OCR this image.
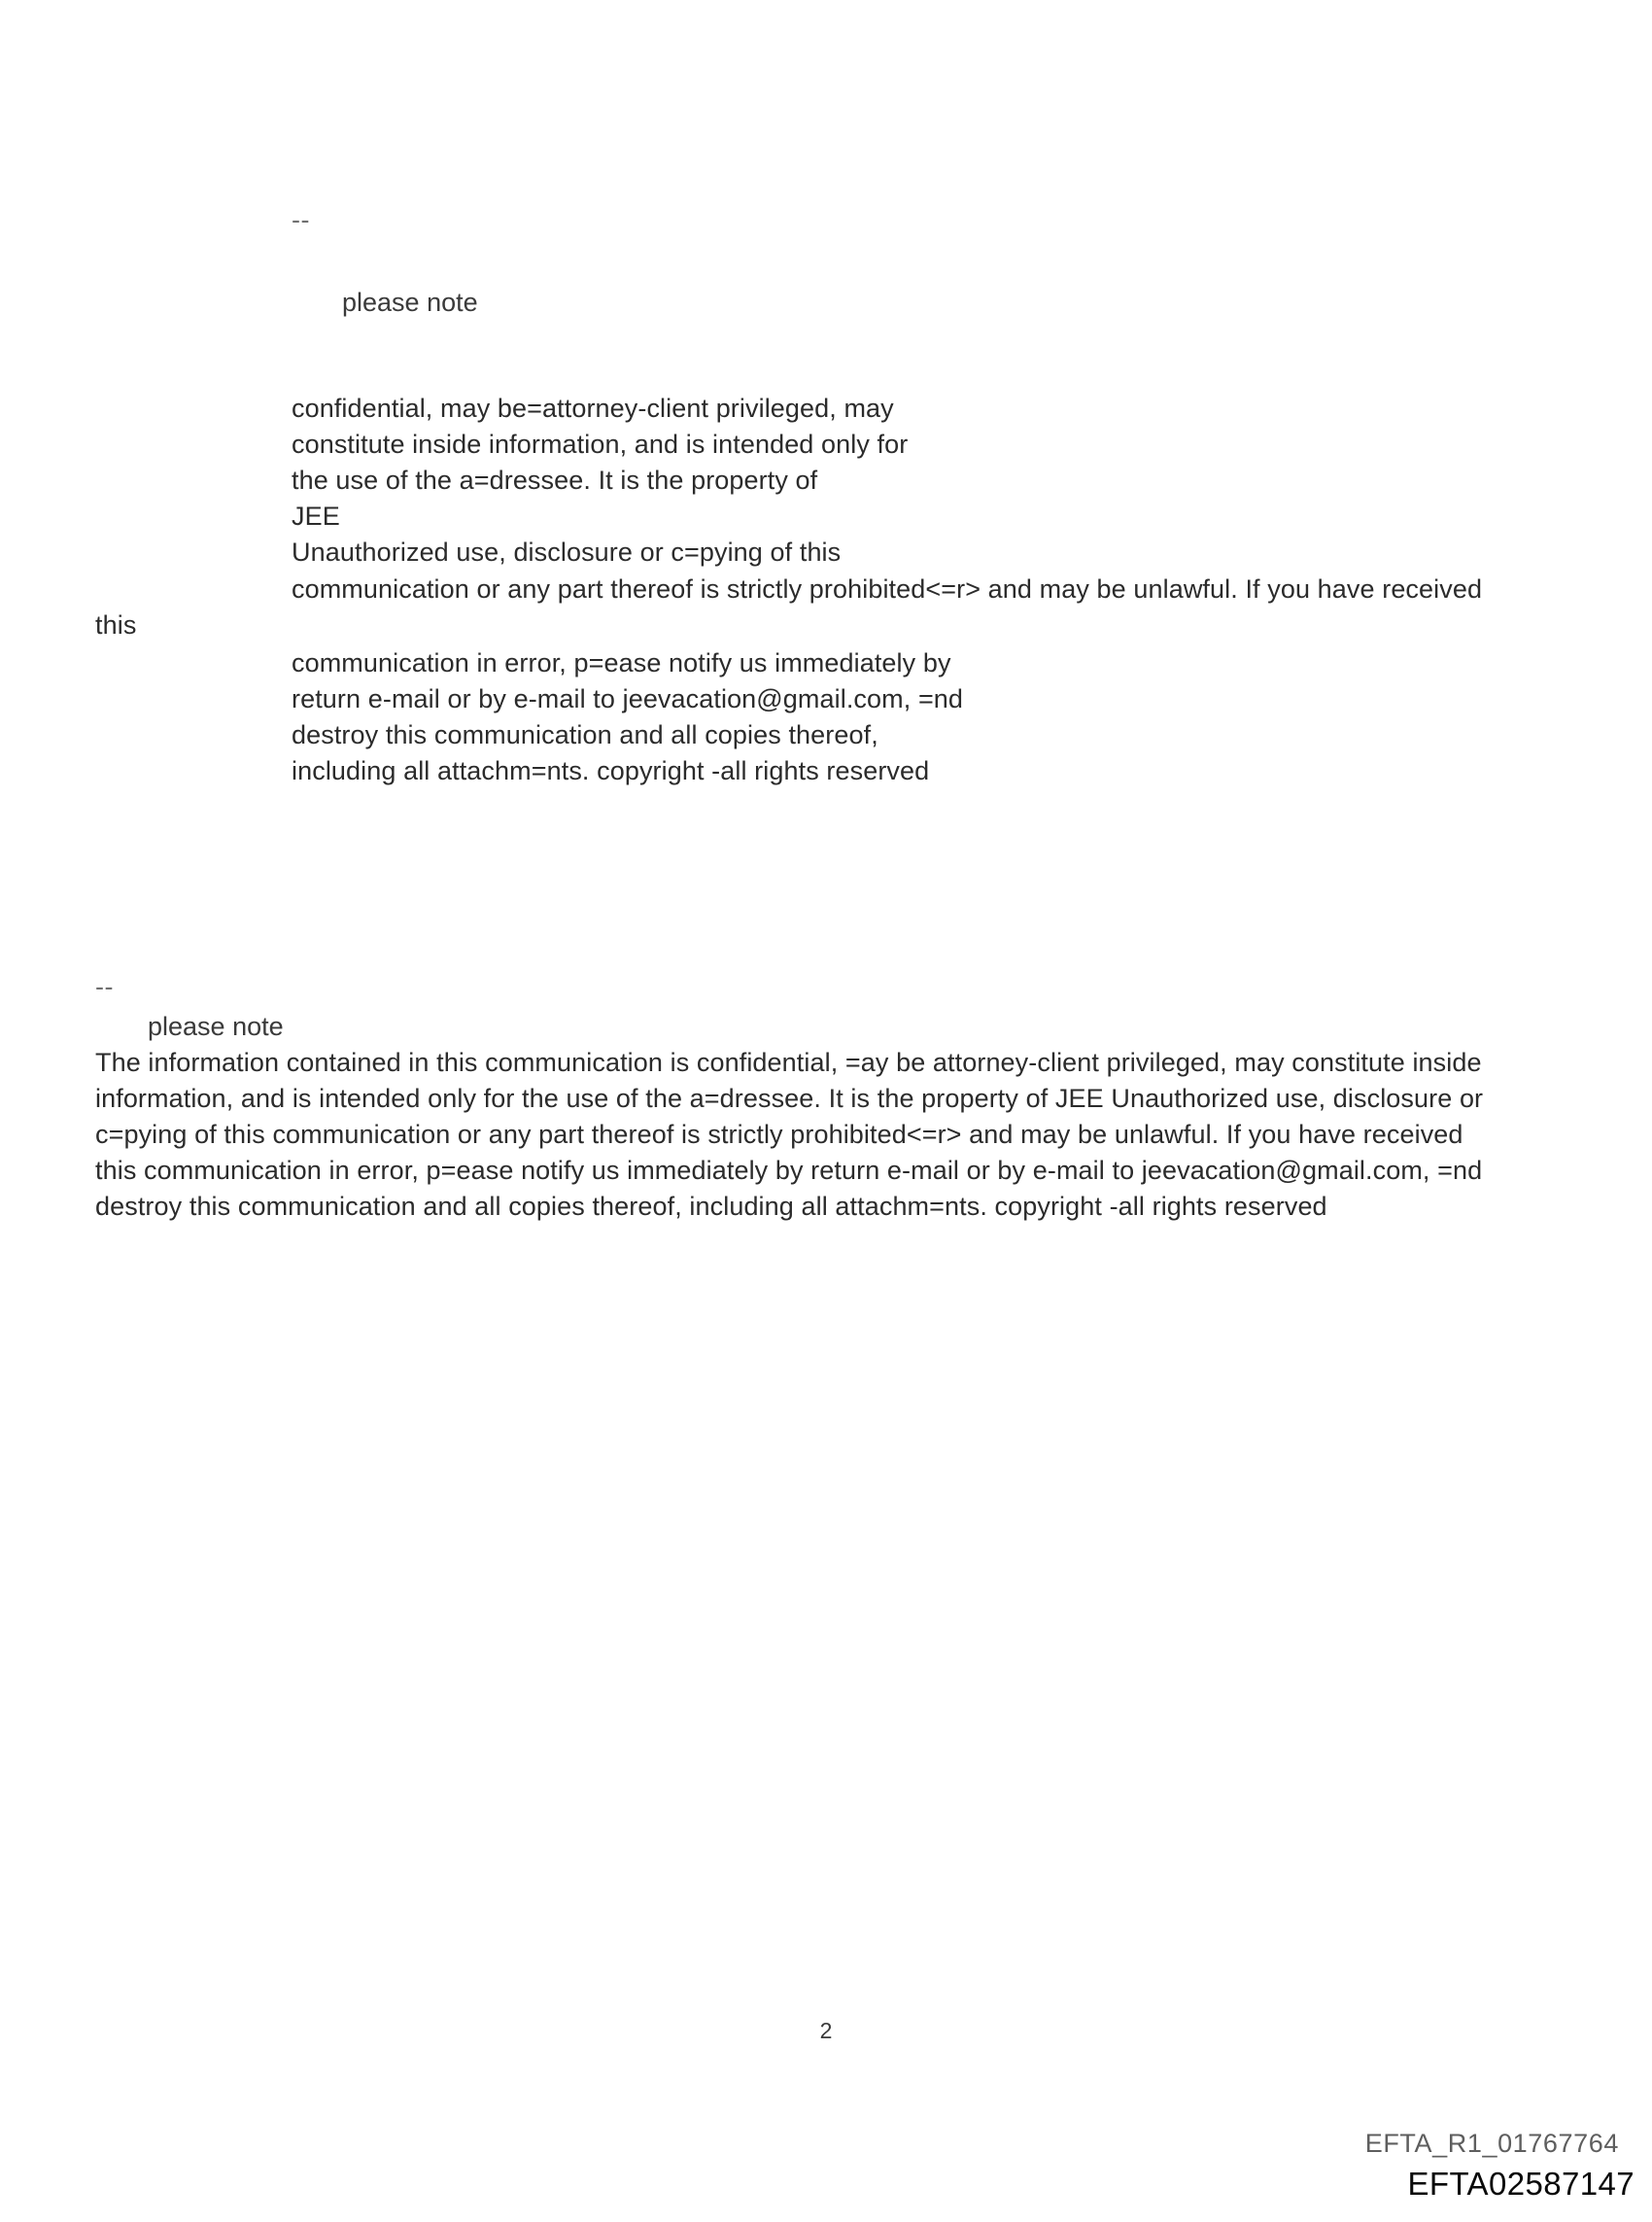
--
please note
confidential, may be=attorney-client privileged, may
constitute inside information, and is intended only for
the use of the a=dressee. It is the property of
JEE
Unauthorized use, disclosure or c=pying of this
communication or any part thereof is strictly prohibited<=r> and may be unlawful. If you have received
this
communication in error, p=ease notify us immediately by
return e-mail or by e-mail to jeevacation@gmail.com, =nd
destroy this communication and all copies thereof,
including all attachm=nts. copyright -all rights reserved
--
please note
The information contained in this communication is confidential, =ay be attorney-client privileged, may constitute inside
information, and is intended only for the use of the a=dressee. It is the property of JEE Unauthorized use, disclosure or
c=pying of this communication or any part thereof is strictly prohibited<=r> and may be unlawful. If you have received
this communication in error, p=ease notify us immediately by return e-mail or by e-mail to jeevacation@gmail.com, =nd
destroy this communication and all copies thereof, including all attachm=nts. copyright -all rights reserved
2
EFTA_R1_01767764
EFTA02587147
